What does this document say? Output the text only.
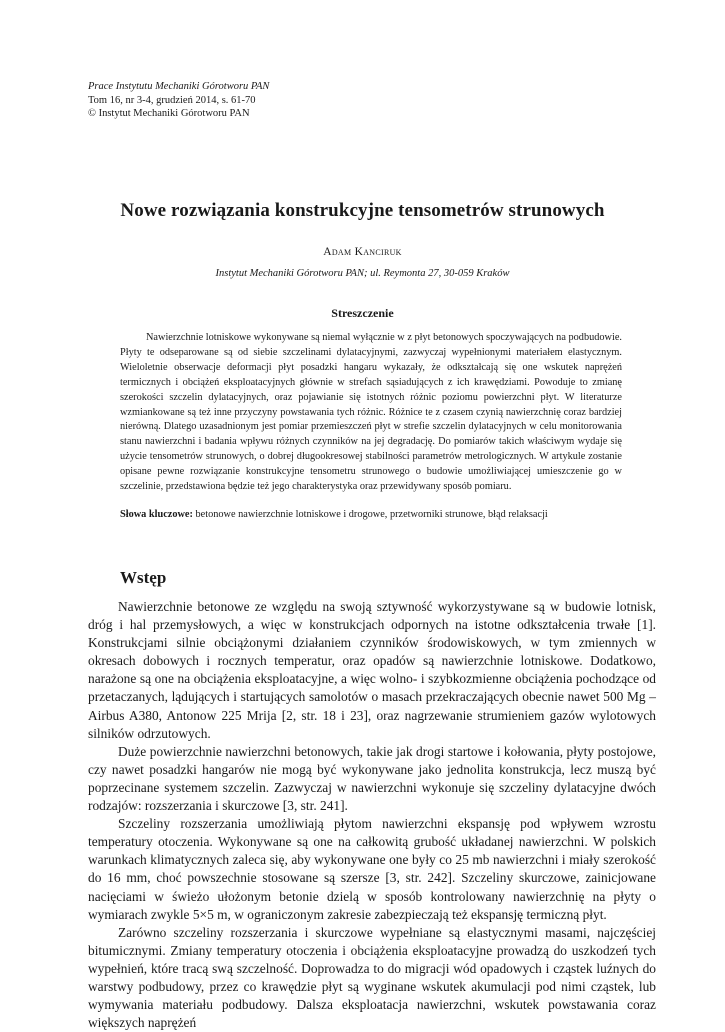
Prace Instytutu Mechaniki Górotworu PAN
Tom 16, nr 3-4, grudzień 2014, s. 61-70
© Instytut Mechaniki Górotworu PAN
Nowe rozwiązania konstrukcyjne tensometrów strunowych
Adam Kanciruk
Instytut Mechaniki Górotworu PAN; ul. Reymonta 27, 30-059 Kraków
Streszczenie

Nawierzchnie lotniskowe wykonywane są niemal wyłącznie w z płyt betonowych spoczywających na podbudowie. Płyty te odseparowane są od siebie szczelinami dylatacyjnymi, zazwyczaj wypełnionymi materiałem elastycznym. Wieloletnie obserwacje deformacji płyt posadzki hangaru wykazały, że odkształcają się one wskutek naprężeń termicznych i obciążeń eksploatacyjnych głównie w strefach sąsiadujących z ich krawędziami. Powoduje to zmianę szerokości szczelin dylatacyjnych, oraz pojawianie się istotnych różnic poziomu powierzchni płyt. W literaturze wzmiankowane są też inne przyczyny powstawania tych różnic. Różnice te z czasem czynią nawierzchnię coraz bardziej nierówną. Dlatego uzasadnionym jest pomiar przemieszczeń płyt w strefie szczelin dylatacyjnych w celu monitorowania stanu nawierzchni i badania wpływu różnych czynników na jej degradację. Do pomiarów takich właściwym wydaje się użycie tensometrów strunowych, o dobrej długookresowej stabilności parametrów metrologicznych. W artykule zostanie opisane pewne rozwiązanie konstrukcyjne tensometru strunowego o budowie umożliwiającej umieszczenie go w szczelinie, przedstawiona będzie też jego charakterystyka oraz przewidywany sposób pomiaru.

Słowa kluczowe: betonowe nawierzchnie lotniskowe i drogowe, przetworniki strunowe, błąd relaksacji
Wstęp

Nawierzchnie betonowe ze względu na swoją sztywność wykorzystywane są w budowie lotnisk, dróg i hal przemysłowych, a więc w konstrukcjach odpornych na istotne odkształcenia trwałe [1]. Konstrukcjami silnie obciążonymi działaniem czynników środowiskowych, w tym zmiennych w okresach dobowych i rocznych temperatur, oraz opadów są nawierzchnie lotniskowe. Dodatkowo, narażone są one na obciążenia eksploatacyjne, a więc wolno- i szybkozmienne obciążenia pochodzące od przetaczanych, lądujących i startujących samolotów o masach przekraczających obecnie nawet 500 Mg – Airbus A380, Antonow 225 Mrija [2, str. 18 i 23], oraz nagrzewanie strumieniem gazów wylotowych silników odrzutowych.

Duże powierzchnie nawierzchni betonowych, takie jak drogi startowe i kołowania, płyty postojowe, czy nawet posadzki hangarów nie mogą być wykonywane jako jednolita konstrukcja, lecz muszą być poprzecinane systemem szczelin. Zazwyczaj w nawierzchni wykonuje się szczeliny dylatacyjne dwóch rodzajów: rozszerzania i skurczowe [3, str. 241].

Szczeliny rozszerzania umożliwiają płytom nawierzchni ekspansję pod wpływem wzrostu temperatury otoczenia. Wykonywane są one na całkowitą grubość układanej nawierzchni. W polskich warunkach klimatycznych zaleca się, aby wykonywane one były co 25 mb nawierzchni i miały szerokość do 16 mm, choć powszechnie stosowane są szersze [3, str. 242]. Szczeliny skurczowe, zainicjowane nacięciami w świeżo ułożonym betonie dzielą w sposób kontrolowany nawierzchnię na płyty o wymiarach zwykle 5×5 m, w ograniczonym zakresie zabezpieczają też ekspansję termiczną płyt.

Zarówno szczeliny rozszerzania i skurczowe wypełniane są elastycznymi masami, najczęściej bitumicznymi. Zmiany temperatury otoczenia i obciążenia eksploatacyjne prowadzą do uszkodzeń tych wypełnień, które tracą swą szczelność. Doprowadza to do migracji wód opadowych i cząstek luźnych do warstwy podbudowy, przez co krawędzie płyt są wyginane wskutek akumulacji pod nimi cząstek, lub wymywania materiału podbudowy. Dalsza eksploatacja nawierzchni, wskutek powstawania coraz większych naprężeń
